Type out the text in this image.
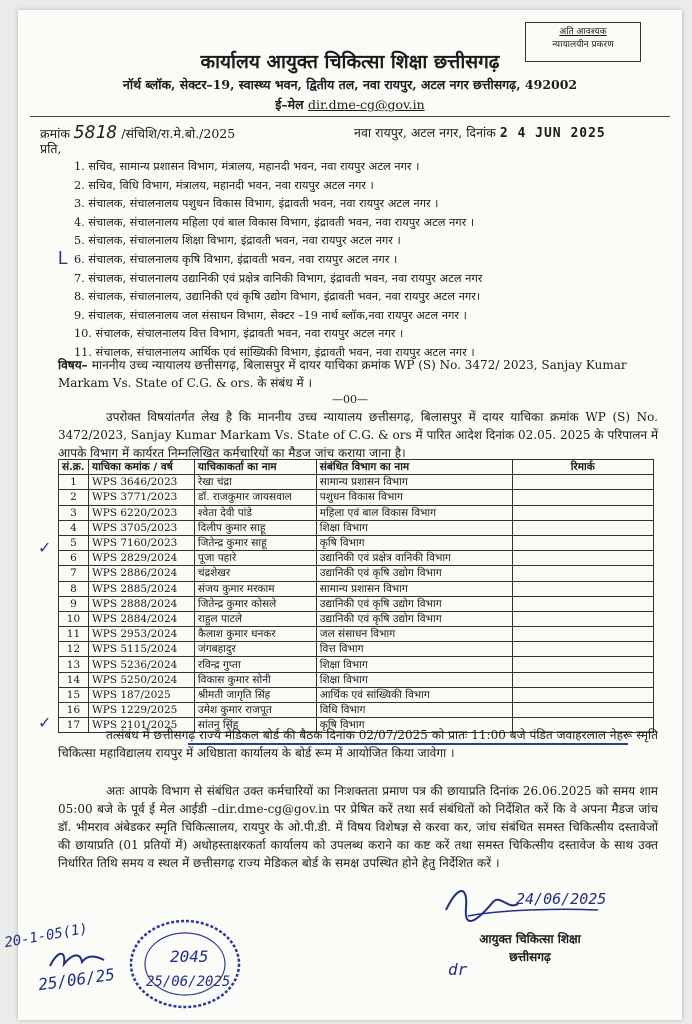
अति आवश्यक
न्यायालयीन प्रकरण
कार्यालय आयुक्त चिकित्सा शिक्षा छत्तीसगढ़
नॉर्थ ब्लॉक, सेक्टर–19, स्वास्थ्य भवन, द्वितीय तल, नवा रायपुर, अटल नगर छत्तीसगढ़, 492002
ई–मेल dir.dme-cg@gov.in
क्रमांक 5818 /संचिशि/रा.मे.बो./2025	नवा रायपुर, अटल नगर, दिनांक 2 4 JUN 2025
प्रति,
1. सचिव, सामान्य प्रशासन विभाग, मंत्रालय, महानदी भवन, नवा रायपुर अटल नगर ।
2. सचिव, विधि विभाग, मंत्रालय, महानदी भवन, नवा रायपुर अटल नगर ।
3. संचालक, संचालनालय पशुधन विकास विभाग, इंद्रावती भवन, नवा रायपुर अटल नगर ।
4. संचालक, संचालनालय महिला एवं बाल विकास विभाग, इंद्रावती भवन, नवा रायपुर अटल नगर ।
5. संचालक, संचालनालय शिक्षा विभाग, इंद्रावती भवन, नवा रायपुर अटल नगर ।
6. संचालक, संचालनालय कृषि विभाग, इंद्रावती भवन, नवा रायपुर अटल नगर ।
7. संचालक, संचालनालय उद्यानिकी एवं प्रक्षेत्र वानिकी विभाग, इंद्रावती भवन, नवा रायपुर अटल नगर
8. संचालक, संचालनालय, उद्यानिकी एवं कृषि उद्योग विभाग, इंद्रावती भवन, नवा रायपुर अटल नगर।
9. संचालक, संचालनालय जल संसाधन विभाग, सेक्टर –19 नार्थ ब्लॉक,नवा रायपुर अटल नगर ।
10. संचालक, संचालनालय वित्त विभाग, इंद्रावती भवन, नवा रायपुर अटल नगर ।
11. संचालक, संचालनालय आर्थिक एवं सांख्यिकी विभाग, इंद्रावती भवन, नवा रायपुर अटल नगर ।
L
विषय– माननीय उच्च न्यायालय छत्तीसगढ़, बिलासपुर में दायर याचिका क्रमांक WP (S) No. 3472/ 2023, Sanjay Kumar Markam Vs. State of C.G. & ors. के संबंध में ।
—00—
उपरोक्त विषयांतर्गत लेख है कि माननीय उच्च न्यायालय छत्तीसगढ़, बिलासपुर में दायर याचिका क्रमांक WP (S) No. 3472/2023, Sanjay Kumar Markam Vs. State of C.G. & ors में पारित आदेश दिनांक 02.05. 2025 के परिपालन में आपके विभाग में कार्यरत निम्नलिखित कर्मचारियों का मैेडज जांच कराया जाना है।
सं.क्र.	याचिका कमांक / वर्ष	याचिकाकर्ता का नाम	संबंधित विभाग का नाम	रिमार्क
1	WPS 3646/2023	रेखा चंद्रा	सामान्य प्रशासन विभाग	
2	WPS 3771/2023	डॉ. राजकुमार जायसवाल	पशुधन विकास विभाग	
3	WPS 6220/2023	श्वेता देवी पांडे	महिला एवं बाल विकास विभाग	
4	WPS 3705/2023	दिलीप कुमार साहू	शिक्षा विभाग	
5	WPS 7160/2023	जितेन्द्र कुमार साहू	कृषि विभाग	
6	WPS 2829/2024	पूजा पहारे	उद्यानिकी एवं प्रक्षेत्र वानिकी विभाग	
7	WPS 2886/2024	चंद्रशेखर	उद्यानिकी एवं कृषि उद्योग विभाग	
8	WPS 2885/2024	संजय कुमार मरकाम	सामान्य प्रशासन विभाग	
9	WPS 2888/2024	जितेन्द्र कुमार कोसले	उद्यानिकी एवं कृषि उद्योग विभाग	
10	WPS 2884/2024	राहुल पाटले	उद्यानिकी एवं कृषि उद्योग विभाग	
11	WPS 2953/2024	कैलाश कुमार धनकर	जल संसाधन विभाग	
12	WPS 5115/2024	जंगबहादुर	वित्त विभाग	
13	WPS 5236/2024	रविन्द्र गुप्ता	शिक्षा विभाग	
14	WPS 5250/2024	विकास कुमार सोनी	शिक्षा विभाग	
15	WPS 187/2025	श्रीमती जागृति सिंह	आर्थिक एवं सांख्यिकी विभाग	
16	WPS 1229/2025	उमेश कुमार राजपूत	विधि विभाग	
17	WPS 2101/2025	सांतनु सिंह	कृषि विभाग	
✓
✓
तत्संबंध में छत्तीसगढ़ राज्य मेडिकल बोर्ड की बैठक दिनांक 02/07/2025 को प्रातः 11:00 बजे पंडित जवाहरलाल नेहरू स्मृति चिकित्सा महाविद्यालय रायपुर में अधिष्ठाता कार्यालय के बोर्ड रूम में आयोजित किया जावेगा ।
अतः आपके विभाग से संबंधित उक्त कर्मचारियों का निःशक्तता प्रमाण पत्र की छायाप्रति दिनांक 26.06.2025 को समय शाम 05:00 बजे के पूर्व ई मेल आईडी –dir.dme-cg@gov.in पर प्रेषित करें तथा सर्व संबंधितों को निर्देशित करें कि वे अपना मैेडज जांच डॉ. भीमराव अंबेडकर स्मृति चिकित्सालय, रायपुर के ओ.पी.डी. में विषय विशेषज्ञ से करवा कर, जांच संबंधित समस्त चिकित्सीय दस्तावेजों की छायाप्रति (01 प्रतियों में) अधोहस्ताक्षरकर्ता कार्यालय को उपलब्ध कराने का कष्ट करें तथा समस्त चिकित्सीय दस्तावेज के साथ उक्त निर्धारित तिथि समय व स्थल में छत्तीसगढ़ राज्य मेडिकल बोर्ड के समक्ष उपस्थित होने हेतु निर्देशित करें ।
24/06/2025
आयुक्त चिकित्सा शिक्षा
छत्तीसगढ़
dr
20-1-05(1)
25/06/25
2045
25/06/2025
